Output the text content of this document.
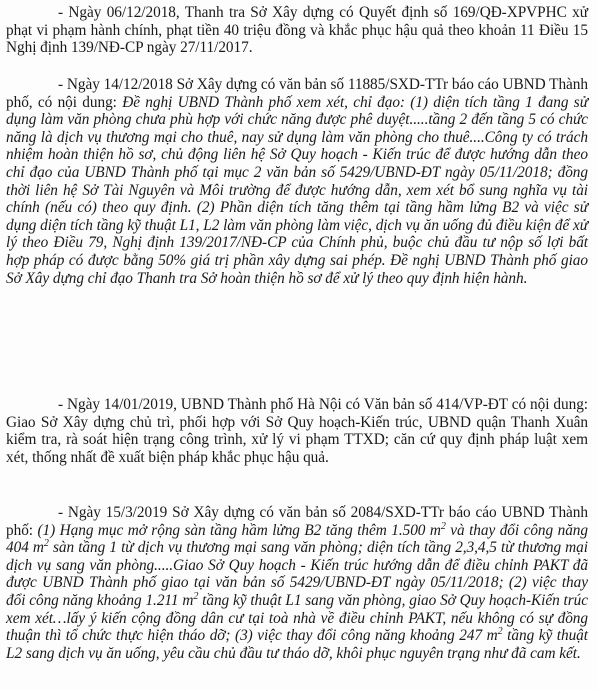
- Ngày 06/12/2018, Thanh tra Sở Xây dựng có Quyết định số 169/QĐ-XPVPHC xử phạt vi phạm hành chính, phạt tiền 40 triệu đồng và khắc phục hậu quả theo khoản 11 Điều 15 Nghị định 139/NĐ-CP ngày 27/11/2017.
- Ngày 14/12/2018 Sở Xây dựng có văn bản số 11885/SXD-TTr báo cáo UBND Thành phố, có nội dung: Đề nghị UBND Thành phố xem xét, chỉ đạo: (1) diện tích tầng 1 đang sử dụng làm văn phòng chưa phù hợp với chức năng được phê duyệt.....tầng 2 đến tầng 5 có chức năng là dịch vụ thương mại cho thuê, nay sử dụng làm văn phòng cho thuê....Công ty có trách nhiệm hoàn thiện hồ sơ, chủ động liên hệ Sở Quy hoạch - Kiến trúc để được hướng dẫn theo chỉ đạo của UBND Thành phố tại mục 2 văn bản số 5429/UBND-ĐT ngày 05/11/2018; đồng thời liên hệ Sở Tài Nguyên và Môi trường để được hướng dẫn, xem xét bổ sung nghĩa vụ tài chính (nếu có) theo quy định. (2) Phần diện tích tăng thêm tại tầng hầm lửng B2 và việc sử dụng diện tích tầng kỹ thuật L1, L2 làm văn phòng làm việc, dịch vụ ăn uống đủ điều kiện để xử lý theo Điều 79, Nghị định 139/2017/NĐ-CP của Chính phủ, buộc chủ đầu tư nộp số lợi bất hợp pháp có được bằng 50% giá trị phần xây dựng sai phép. Đề nghị UBND Thành phố giao Sở Xây dựng chỉ đạo Thanh tra Sở hoàn thiện hồ sơ để xử lý theo quy định hiện hành.
- Ngày 14/01/2019, UBND Thành phố Hà Nội có Văn bản số 414/VP-ĐT có nội dung: Giao Sở Xây dựng chủ trì, phối hợp với Sở Quy hoạch-Kiến trúc, UBND quận Thanh Xuân kiểm tra, rà soát hiện trạng công trình, xử lý vi phạm TTXD; căn cứ quy định pháp luật xem xét, thống nhất đề xuất biện pháp khắc phục hậu quả.
- Ngày 15/3/2019 Sở Xây dựng có văn bản số 2084/SXD-TTr báo cáo UBND Thành phố: (1) Hạng mục mở rộng sàn tầng hầm lửng B2 tăng thêm 1.500 $m^2$ và thay đổi công năng 404 $m^2$ sàn tầng 1 từ dịch vụ thương mại sang văn phòng; diện tích tầng 2,3,4,5 từ thương mại dịch vụ sang văn phòng.....Giao Sở Quy hoạch - Kiến trúc hướng dẫn để điều chỉnh PAKT đã được UBND Thành phố giao tại văn bản số 5429/UBND-ĐT ngày 05/11/2018; (2) việc thay đổi công năng khoảng 1.211 $m^2$ tầng kỹ thuật L1 sang văn phòng, giao Sở Quy hoạch-Kiến trúc xem xét…lấy ý kiến cộng đồng dân cư tại toà nhà về điều chỉnh PAKT, nếu không có sự đồng thuận thì tổ chức thực hiện tháo dỡ; (3) việc thay đổi công năng khoảng 247 $m^2$ tầng kỹ thuật L2 sang dịch vụ ăn uống, yêu cầu chủ đầu tư tháo dỡ, khôi phục nguyên trạng như đã cam kết.
